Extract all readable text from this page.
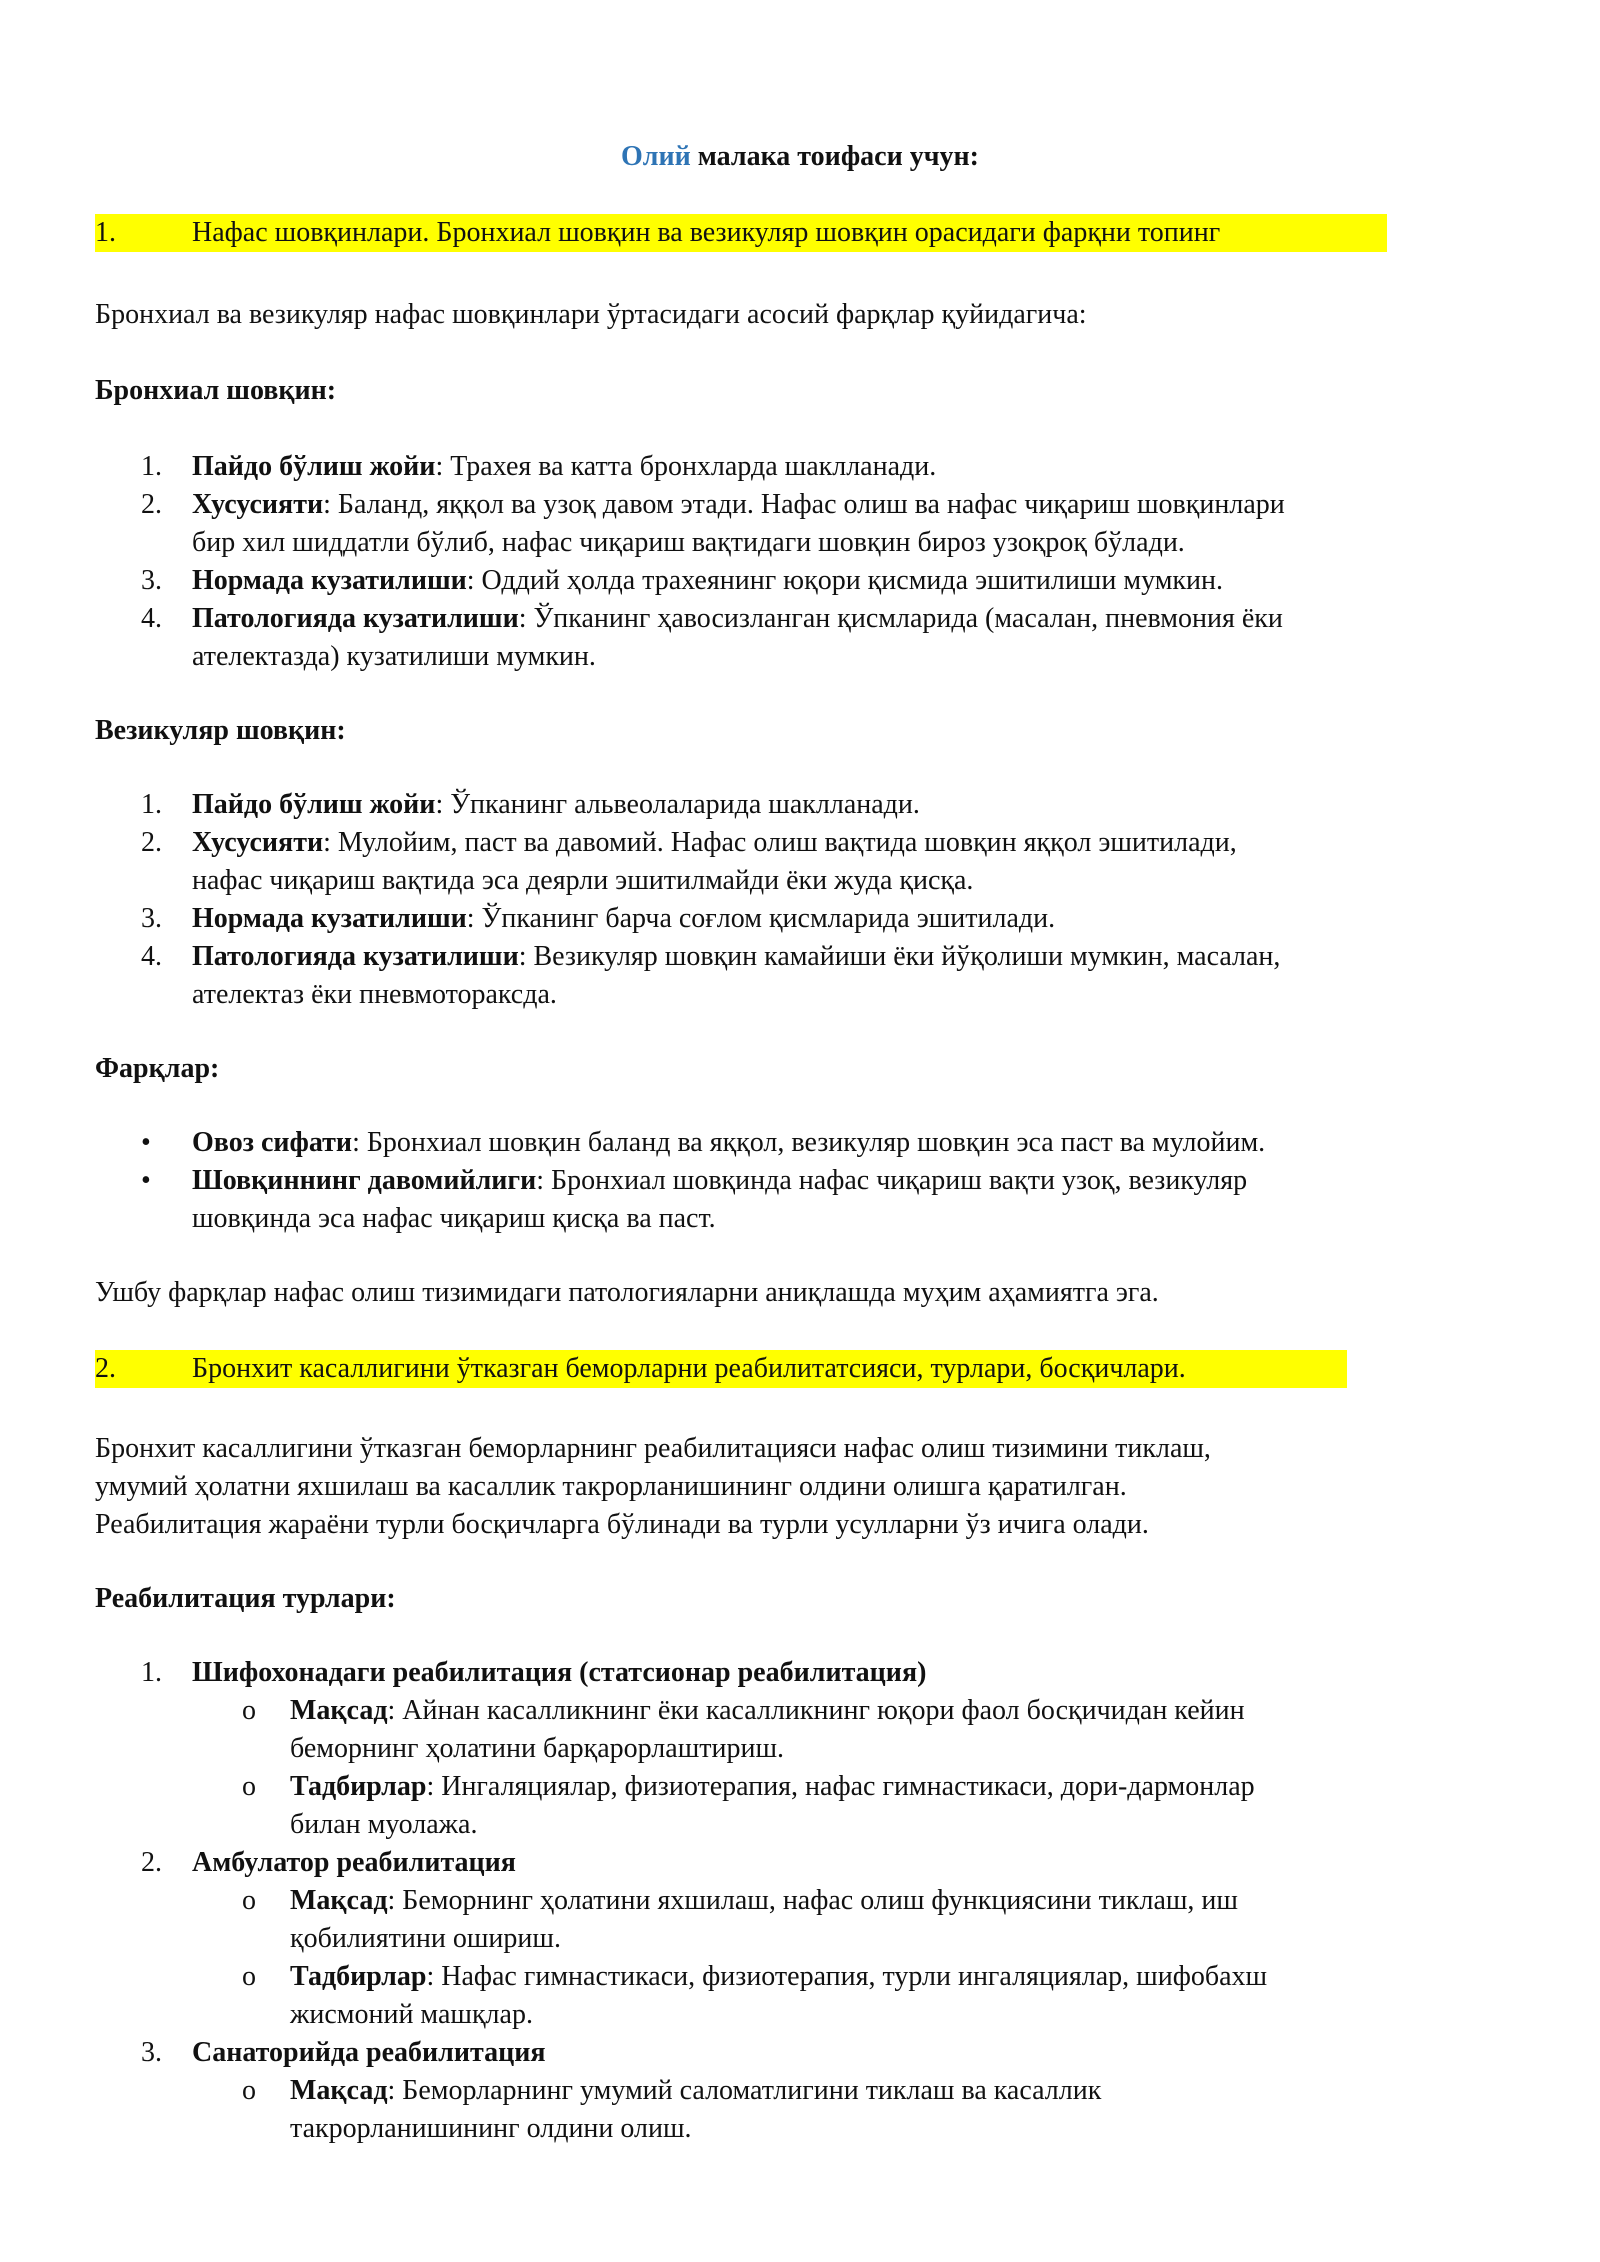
Олий малака тоифаси учун:
1.	Нафас шовқинлари. Бронхиал шовқин ва везикуляр шовқин орасидаги фарқни топинг
Бронхиал ва везикуляр нафас шовқинлари ўртасидаги асосий фарқлар қуйидагича:
Бронхиал шовқин:
1. Пайдо бўлиш жойи: Трахея ва катта бронхларда шаклланади.
2. Хусусияти: Баланд, яққол ва узоқ давом этади. Нафас олиш ва нафас чиқариш шовқинлари
бир хил шиддатли бўлиб, нафас чиқариш вақтидаги шовқин бироз узоқроқ бўлади.
3. Нормада кузатилиши: Оддий ҳолда трахеянинг юқори қисмида эшитилиши мумкин.
4. Патологияда кузатилиши: Ўпканинг ҳавосизланган қисмларида (масалан, пневмония ёки
ателектазда) кузатилиши мумкин.
Везикуляр шовқин:
1. Пайдо бўлиш жойи: Ўпканинг альвеолаларида шаклланади.
2. Хусусияти: Мулойим, паст ва давомий. Нафас олиш вақтида шовқин яққол эшитилади,
нафас чиқариш вақтида эса деярли эшитилмайди ёки жуда қисқа.
3. Нормада кузатилиши: Ўпканинг барча соғлом қисмларида эшитилади.
4. Патологияда кузатилиши: Везикуляр шовқин камайиши ёки йўқолиши мумкин, масалан,
ателектаз ёки пневмотораксда.
Фарқлар:
• Овоз сифати: Бронхиал шовқин баланд ва яққол, везикуляр шовқин эса паст ва мулойим.
• Шовқиннинг давомийлиги: Бронхиал шовқинда нафас чиқариш вақти узоқ, везикуляр
шовқинда эса нафас чиқариш қисқа ва паст.
Ушбу фарқлар нафас олиш тизимидаги патологияларни аниқлашда муҳим аҳамиятга эга.
2.	Бронхит касаллигини ўтказган беморларни реабилитатсияси, турлари, босқичлари.
Бронхит касаллигини ўтказган беморларнинг реабилитацияси нафас олиш тизимини тиклаш,
умумий ҳолатни яхшилаш ва касаллик такрорланишининг олдини олишга қаратилган.
Реабилитация жараёни турли босқичларга бўлинади ва турли усулларни ўз ичига олади.
Реабилитация турлари:
1. Шифохонадаги реабилитация (статсионар реабилитация)
o Мақсад: Айнан касалликнинг ёки касалликнинг юқори фаол босқичидан кейин
беморнинг ҳолатини барқарорлаштириш.
o Тадбирлар: Ингаляциялар, физиотерапия, нафас гимнастикаси, дори-дармонлар
билан муолажа.
2. Амбулатор реабилитация
o Мақсад: Беморнинг ҳолатини яхшилаш, нафас олиш функциясини тиклаш, иш
қобилиятини ошириш.
o Тадбирлар: Нафас гимнастикаси, физиотерапия, турли ингаляциялар, шифобахш
жисмоний машқлар.
3. Санаторийда реабилитация
o Мақсад: Беморларнинг умумий саломатлигини тиклаш ва касаллик
такрорланишининг олдини олиш.
